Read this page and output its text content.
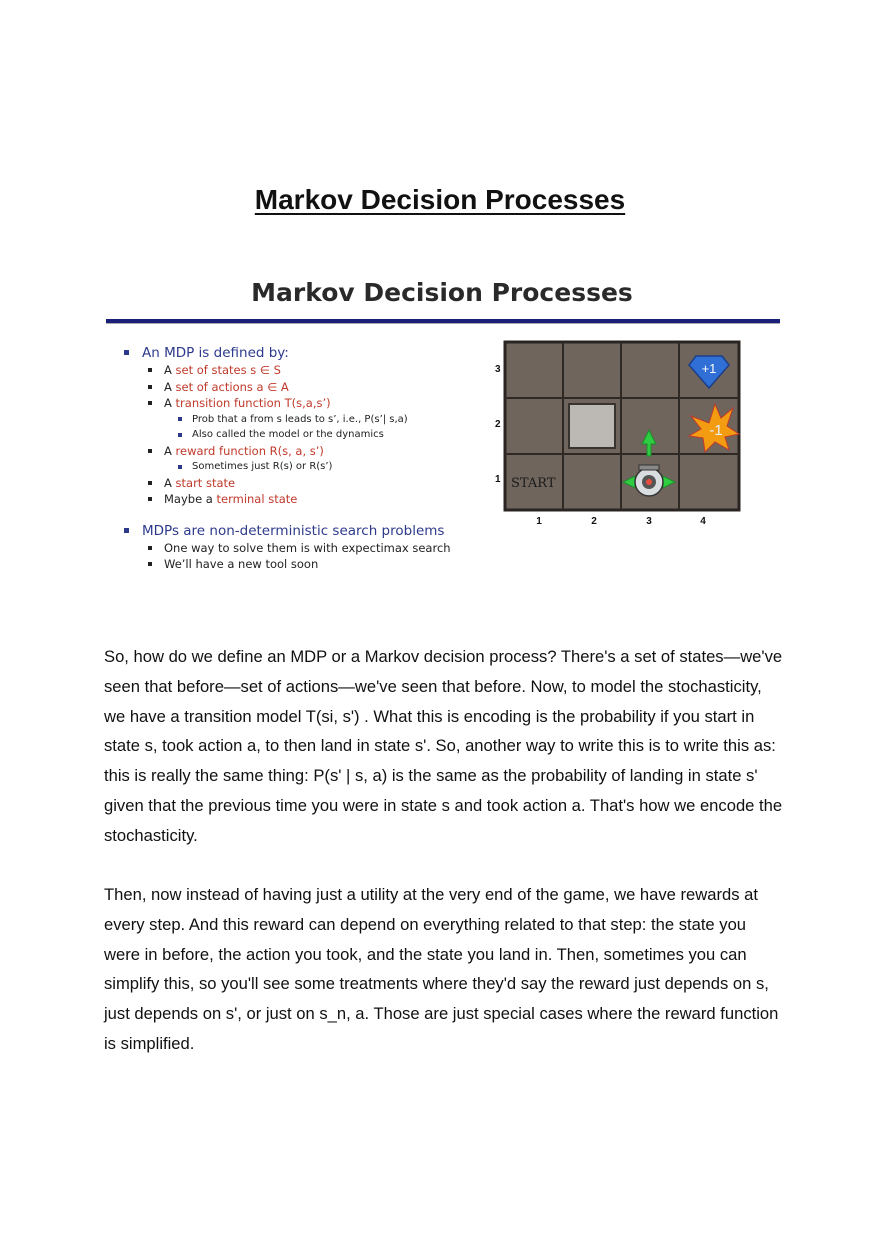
Markov Decision Processes
Markov Decision Processes
An MDP is defined by:
A set of states s ∈ S
A set of actions a ∈ A
A transition function T(s,a,s’)
Prob that a from s leads to s’, i.e., P(s’| s,a)
Also called the model or the dynamics
A reward function R(s, a, s’)
Sometimes just R(s) or R(s’)
A start state
Maybe a terminal state
MDPs are non-deterministic search problems
One way to solve them is with expectimax search
We’ll have a new tool soon
3
2
1
1	2	3	4
-1
+1
START

So, how do we define an MDP or a Markov decision process? There's a set of states—we've seen that before—set of actions—we've seen that before. Now, to model the stochasticity, we have a transition model T(si, s') . What this is encoding is the probability if you start in state s, took action a, to then land in state s'. So, another way to write this is to write this as: this is really the same thing: P(s' | s, a) is the same as the probability of landing in state s' given that the previous time you were in state s and took action a. That's how we encode the stochasticity.

Then, now instead of having just a utility at the very end of the game, we have rewards at every step. And this reward can depend on everything related to that step: the state you were in before, the action you took, and the state you land in. Then, sometimes you can simplify this, so you'll see some treatments where they'd say the reward just depends on s, just depends on s', or just on s_n, a. Those are just special cases where the reward function is simplified.
